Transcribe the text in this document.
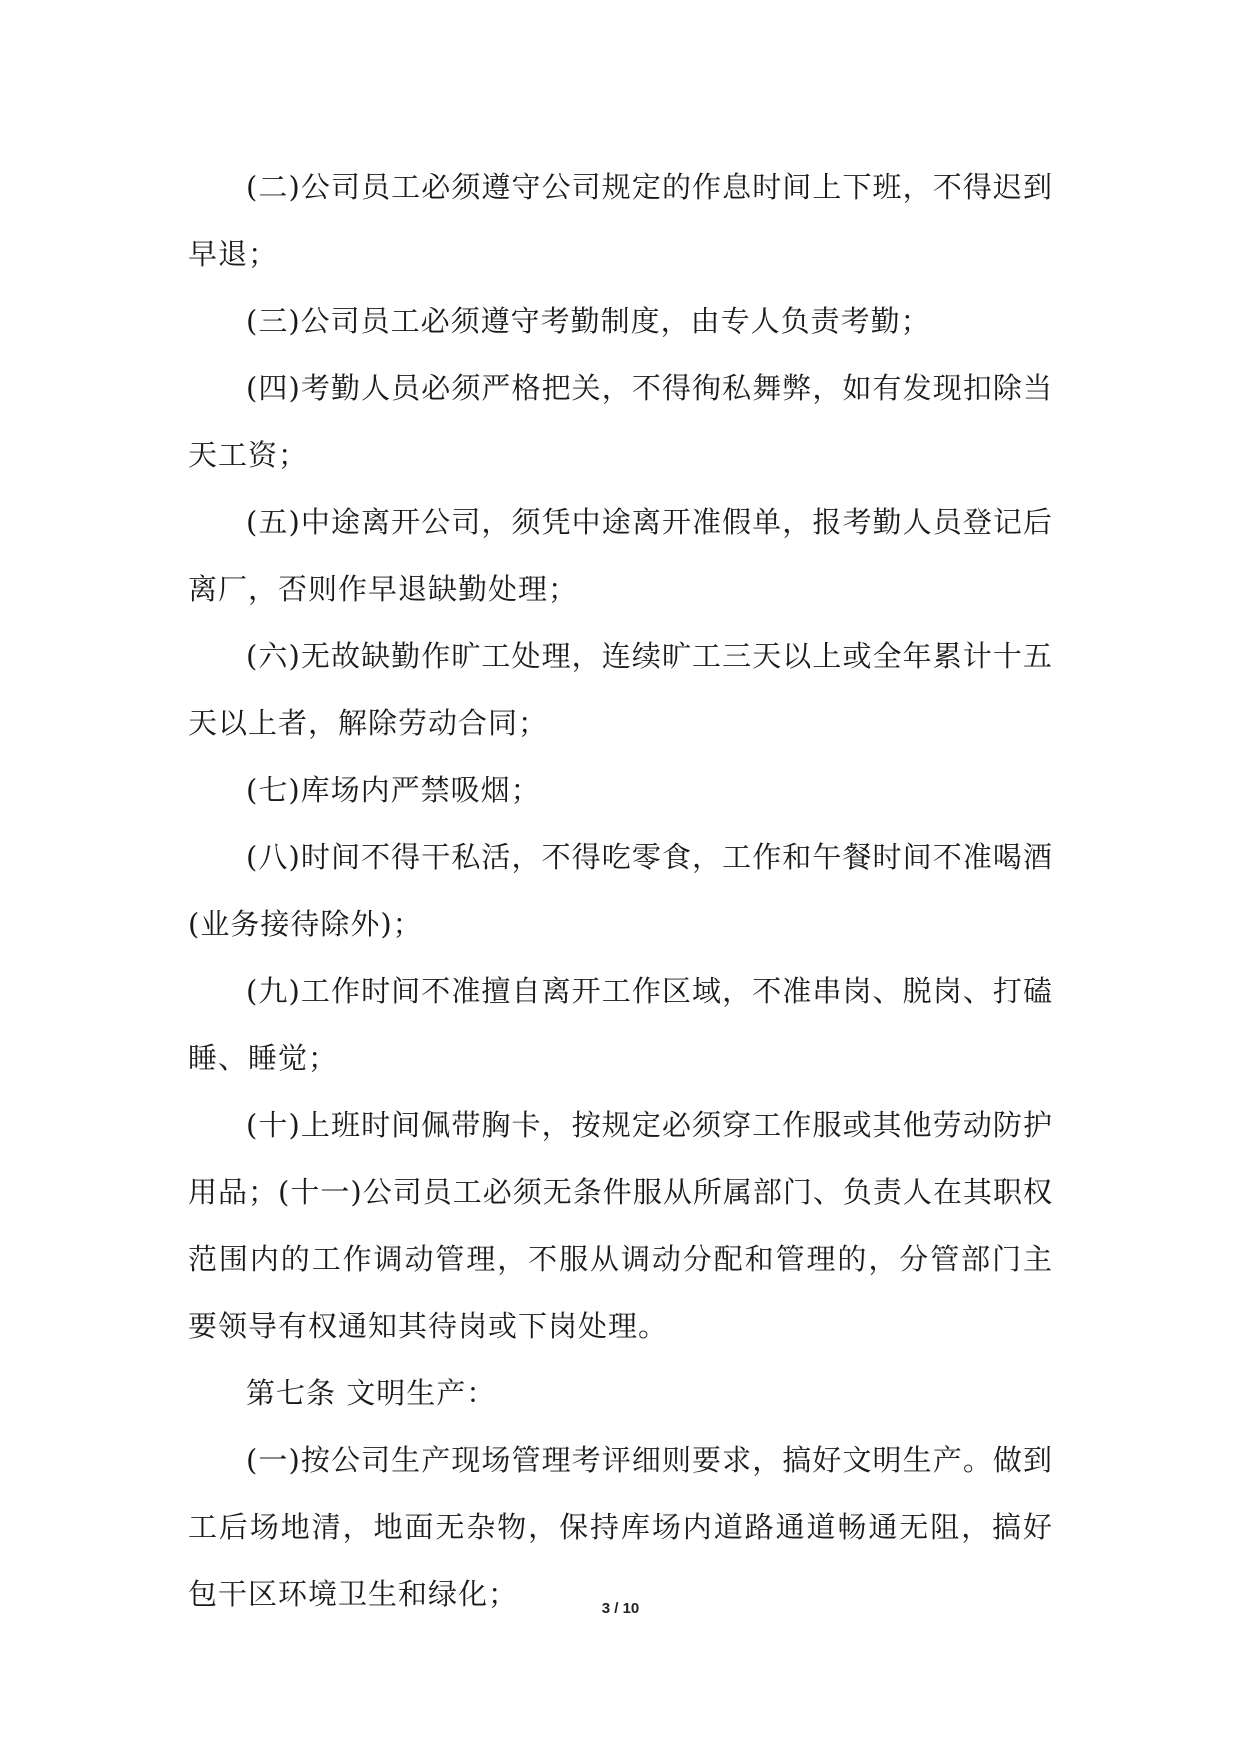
(二)公司员工必须遵守公司规定的作息时间上下班，不得迟到早退；

(三)公司员工必须遵守考勤制度，由专人负责考勤；

(四)考勤人员必须严格把关，不得徇私舞弊，如有发现扣除当天工资；

(五)中途离开公司，须凭中途离开准假单，报考勤人员登记后离厂，否则作早退缺勤处理；

(六)无故缺勤作旷工处理，连续旷工三天以上或全年累计十五天以上者，解除劳动合同；

(七)库场内严禁吸烟；

(八)时间不得干私活，不得吃零食，工作和午餐时间不准喝酒(业务接待除外)；

(九)工作时间不准擅自离开工作区域，不准串岗、脱岗、打磕睡、睡觉；

(十)上班时间佩带胸卡，按规定必须穿工作服或其他劳动防护用品；(十一)公司员工必须无条件服从所属部门、负责人在其职权范围内的工作调动管理，不服从调动分配和管理的，分管部门主要领导有权通知其待岗或下岗处理。

第七条 文明生产：

(一)按公司生产现场管理考评细则要求，搞好文明生产。做到工后场地清，地面无杂物，保持库场内道路通道畅通无阻，搞好包干区环境卫生和绿化；	3 / 10
